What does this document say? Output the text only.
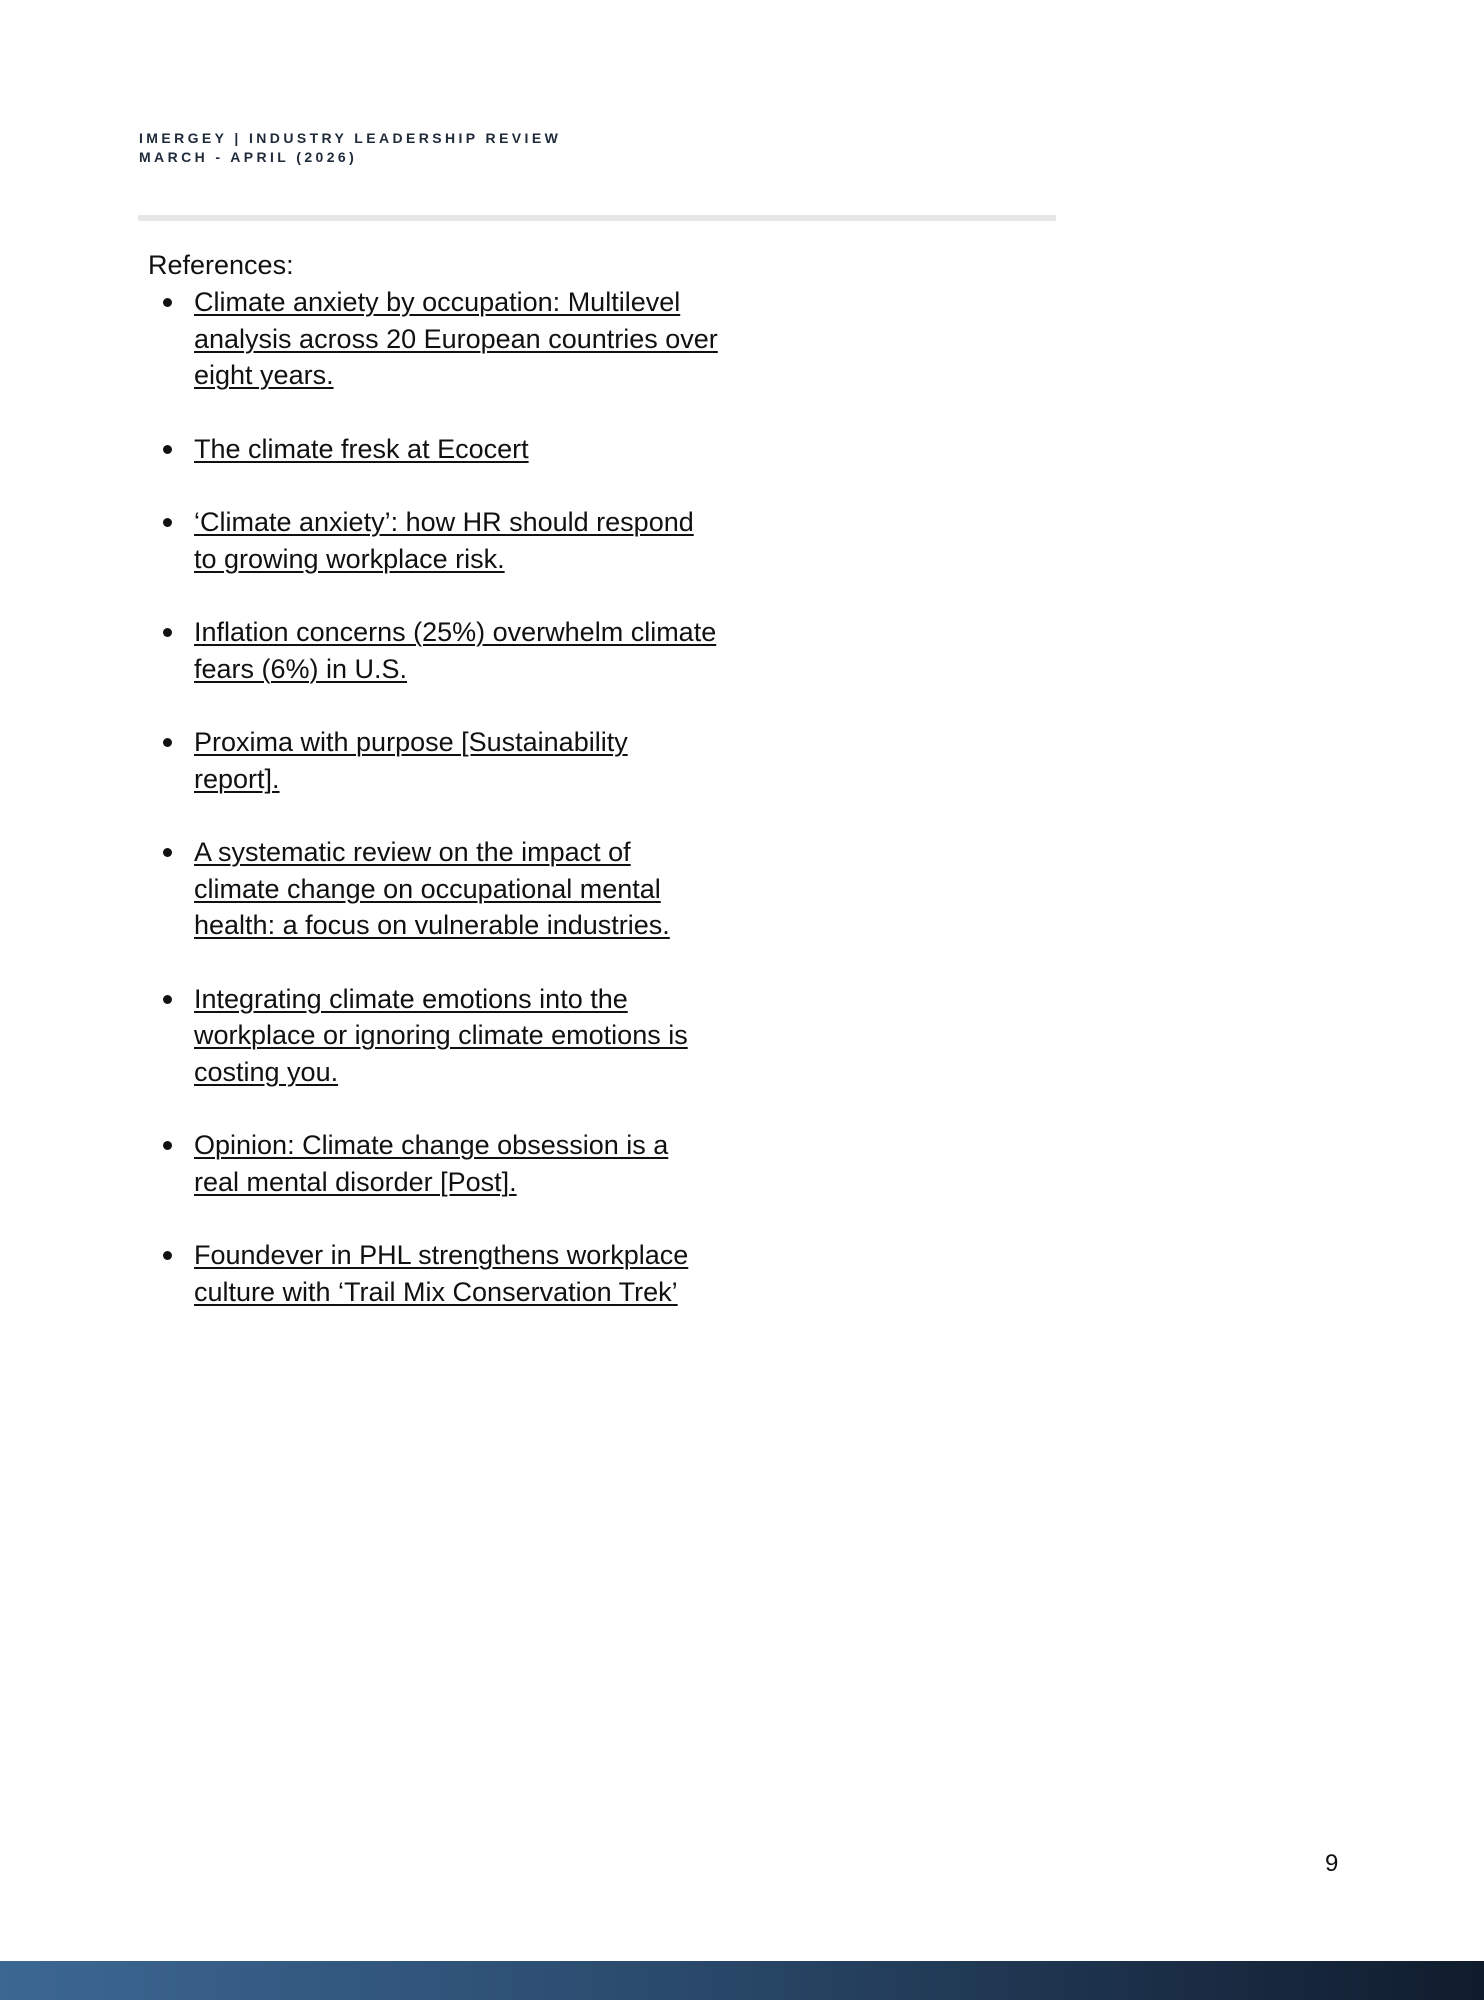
IMERGEY | INDUSTRY LEADERSHIP REVIEW
MARCH - APRIL (2026)
References:
Climate anxiety by occupation: Multilevel analysis across 20 European countries over eight years.
The climate fresk at Ecocert
‘Climate anxiety’: how HR should respond to growing workplace risk.
Inflation concerns (25%) overwhelm climate fears (6%) in U.S.
Proxima with purpose [Sustainability report].
A systematic review on the impact of climate change on occupational mental health: a focus on vulnerable industries.
Integrating climate emotions into the workplace or ignoring climate emotions is costing you.
Opinion: Climate change obsession is a real mental disorder [Post].
Foundever in PHL strengthens workplace culture with ‘Trail Mix Conservation Trek’
9
